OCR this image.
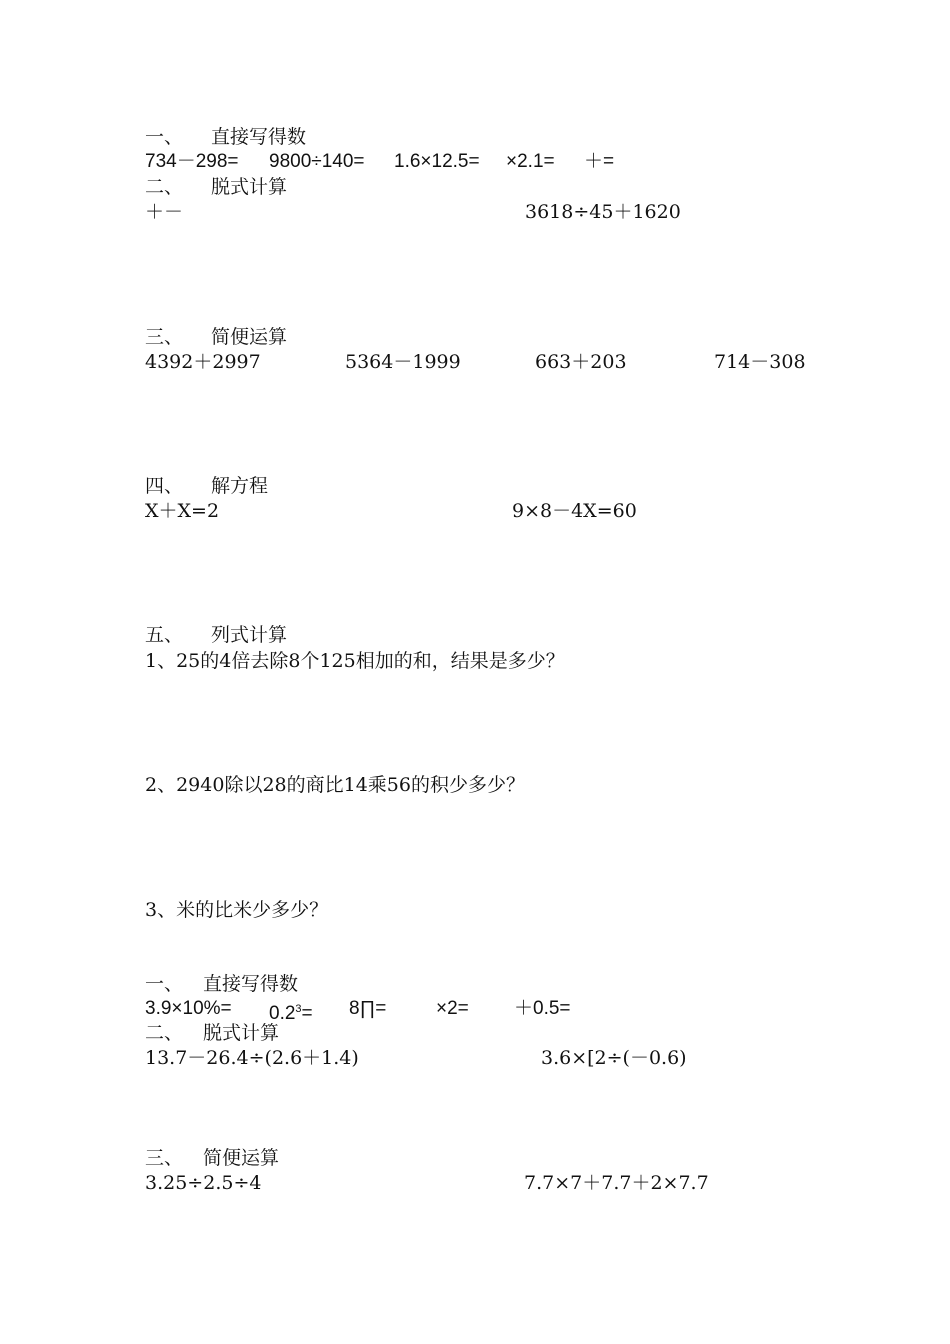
一、 直接写得数
734－298= 9800÷140= 1.6×12.5= ×2.1= ＋=
二、 脱式计算
＋－	3618÷45＋1620
三、 简便运算
4392＋2997	5364－1999	663＋203	714－308
四、 解方程
X＋X=2	9×8－4X=60
五、 列式计算
1、25的4倍去除8个125相加的和，结果是多少？
2、2940除以28的商比14乘56的积少多少？
3、米的比米少多少？
一、 直接写得数
$3.9\times 10\%= 0.2^3=$ 8∏=	×2= ＋0.5=
二、 脱式计算
13.7－26.4÷(2.6＋1.4)	3.6×[2÷(－0.6)
三、 简便运算
3.25÷2.5÷4	7.7×7＋7.7＋2×7.7
